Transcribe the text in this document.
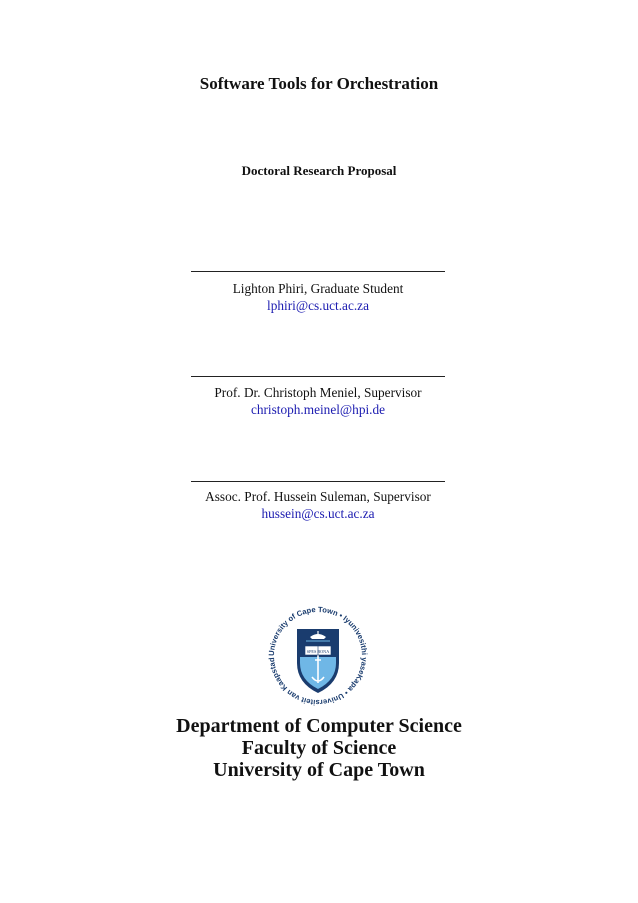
Software Tools for Orchestration
Doctoral Research Proposal
Lighton Phiri, Graduate Student
lphiri@cs.uct.ac.za
Prof. Dr. Christoph Meniel, Supervisor
christoph.meinel@hpi.de
Assoc. Prof. Hussein Suleman, Supervisor
hussein@cs.uct.ac.za
University of Cape Town • Iyunivesithi yaseKapa • Universiteit van Kaapstad
SPES BONA
Department of Computer Science
Faculty of Science
University of Cape Town
